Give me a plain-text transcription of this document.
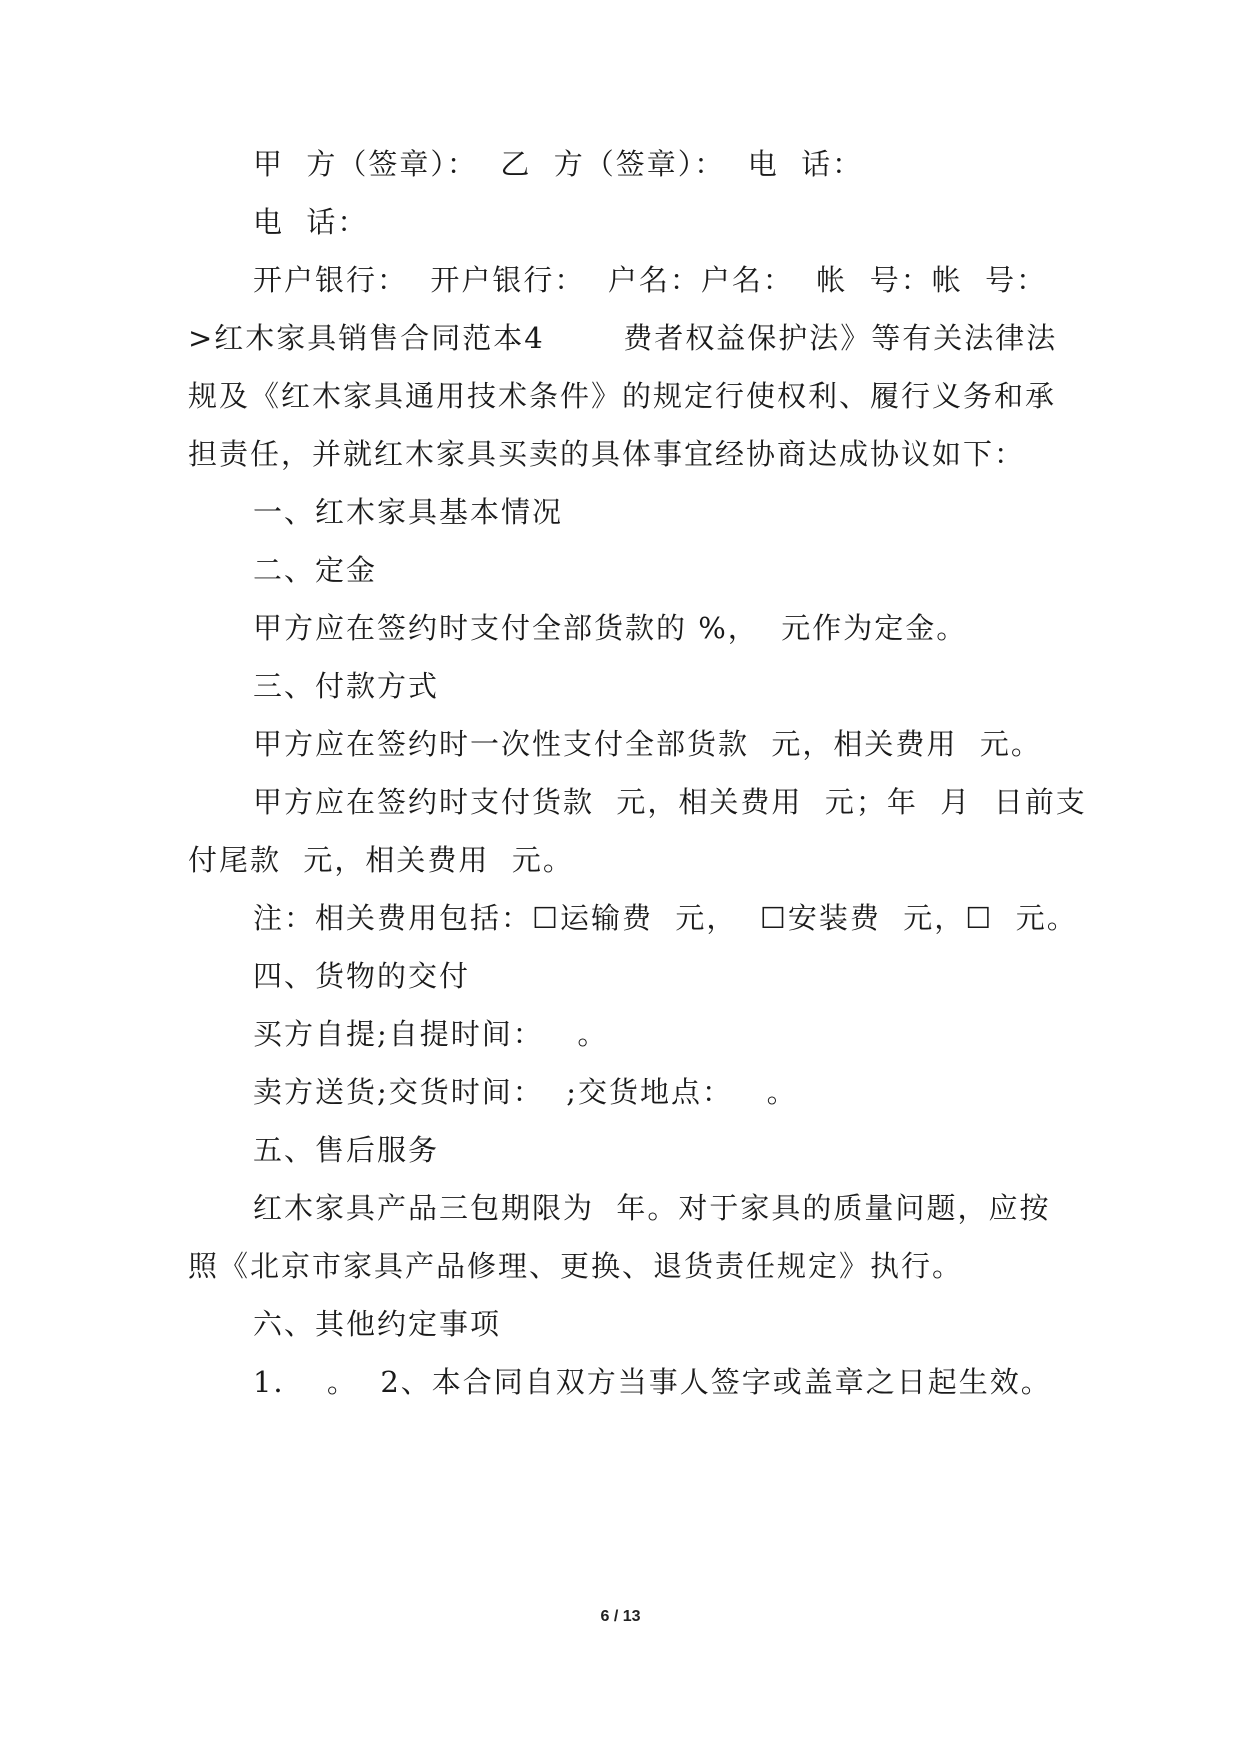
甲  方（签章）：  乙  方（签章）：  电  话：
电  话：
开户银行：  开户银行：  户名：户名：  帐  号：帐  号：
>红木家具销售合同范本4       费者权益保护法》等有关法律法
规及《红木家具通用技术条件》的规定行使权利、履行义务和承
担责任，并就红木家具买卖的具体事宜经协商达成协议如下：
一、红木家具基本情况
二、定金
甲方应在签约时支付全部货款的 %，  元作为定金。
三、付款方式
甲方应在签约时一次性支付全部货款  元，相关费用  元。
甲方应在签约时支付货款  元，相关费用  元；年  月  日前支
付尾款  元，相关费用  元。
注：相关费用包括：☐运输费  元，  ☐安装费  元，☐  元。
四、货物的交付
买方自提;自提时间：   。
卖方送货;交货时间：  ;交货地点：   。
五、售后服务
红木家具产品三包期限为  年。对于家具的质量问题，应按
照《北京市家具产品修理、更换、退货责任规定》执行。
六、其他约定事项
1．  。  2、本合同自双方当事人签字或盖章之日起生效。
6 / 13
